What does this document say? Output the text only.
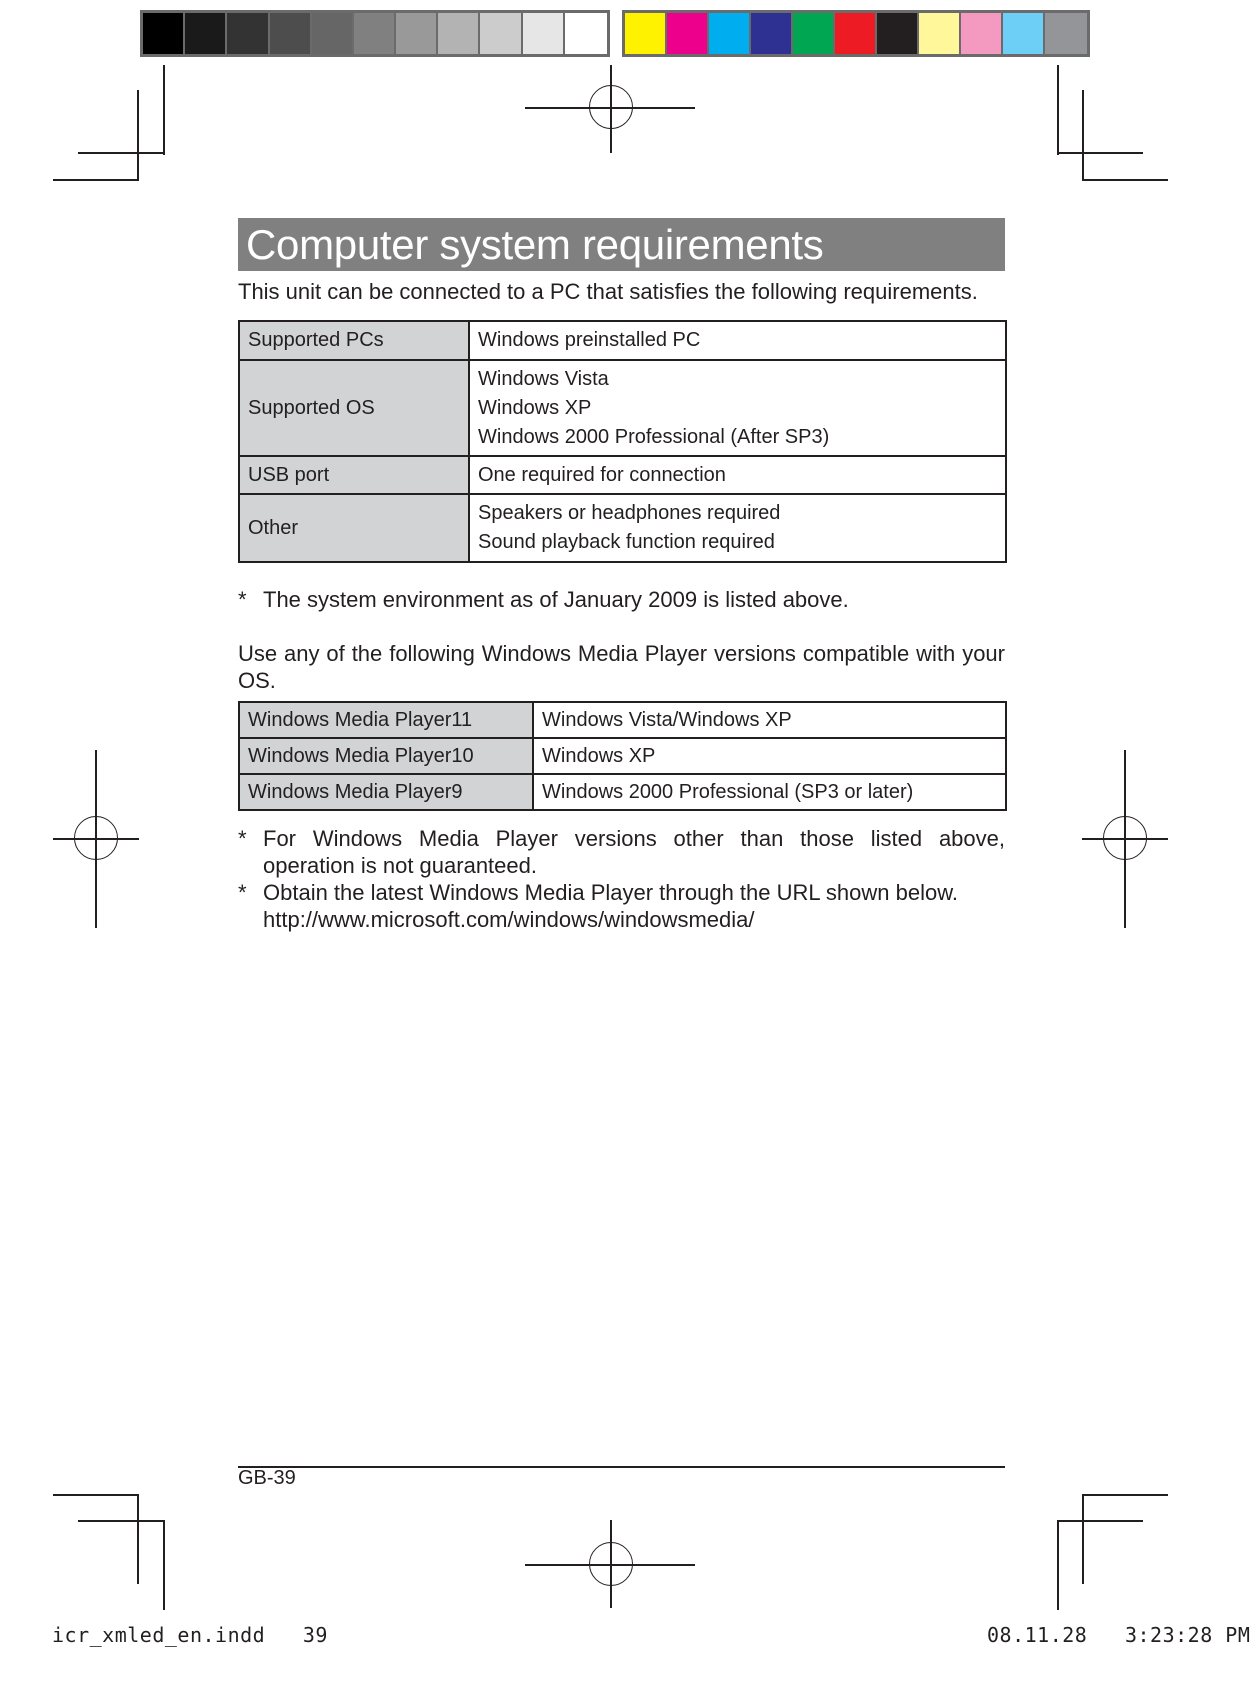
Computer system requirements
This unit can be connected to a PC that satisfies the following requirements.
Supported PCs	Windows preinstalled PC

Supported OS	Windows Vista
Windows XP
Windows 2000 Professional (After SP3)

USB port	One required for connection

Other	Speakers or headphones required
Sound playback function required
* The system environment as of January 2009 is listed above.
Use any of the following Windows Media Player versions compatible with your OS.
Windows Media Player11	Windows Vista/Windows XP
Windows Media Player10	Windows XP
Windows Media Player9	Windows 2000 Professional (SP3 or later)
* For Windows Media Player versions other than those listed above, operation is not guaranteed.
* Obtain the latest Windows Media Player through the URL shown below.
http://www.microsoft.com/windows/windowsmedia/
GB-39
icr_xmled_en.indd   39	08.11.28   3:23:28 PM
